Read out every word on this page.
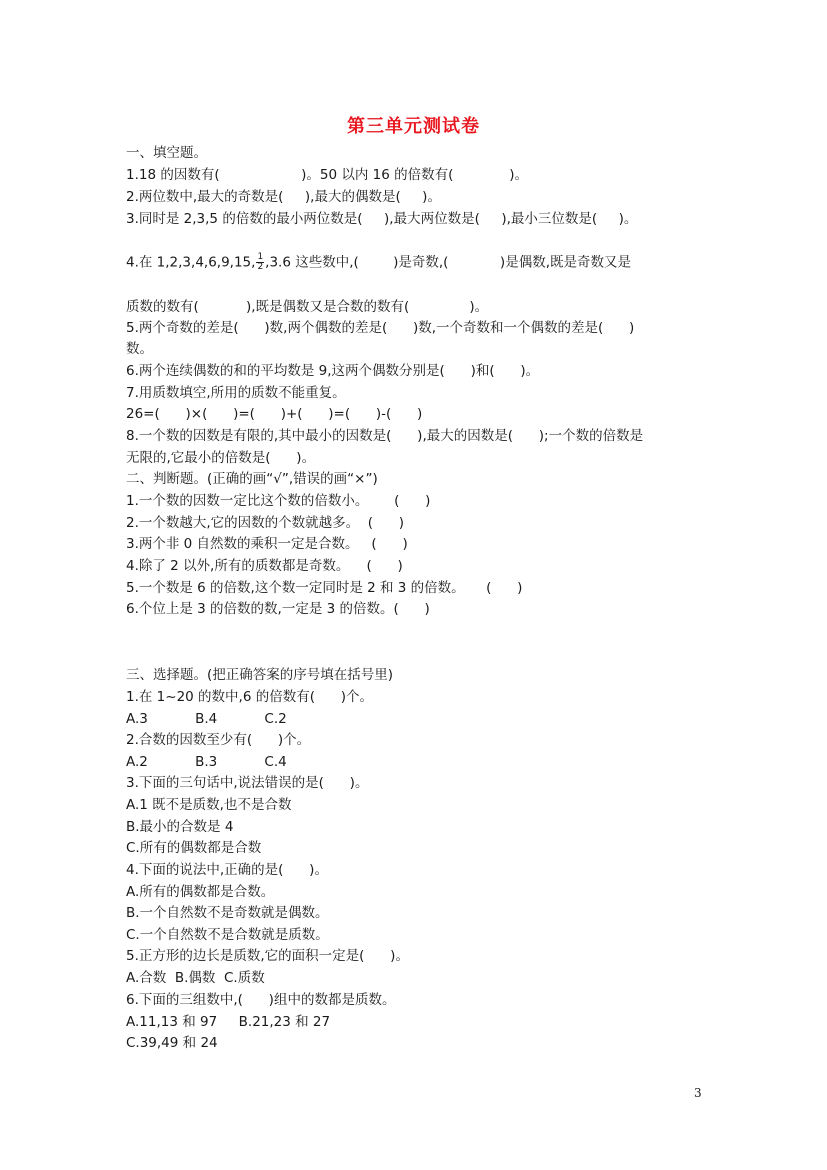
第三单元测试卷

一、填空题。

1.18 的因数有(                   )。50 以内 16 的倍数有(             )。

2.两位数中,最大的奇数是(     ),最大的偶数是(     )。

3.同时是 2,3,5 的倍数的最小两位数是(     ),最大两位数是(     ),最小三位数是(     )。

4.在 1,2,3,4,6,9,15, $\frac{1}{2} ,3.6$ 这些数中,(        )是奇数,(            )是偶数,既是奇数又是

质数的数有(           ),既是偶数又是合数的数有(              )。

5.两个奇数的差是(      )数,两个偶数的差是(      )数,一个奇数和一个偶数的差是(      )

数。

6.两个连续偶数的和的平均数是 9,这两个偶数分别是(      )和(      )。

7.用质数填空,所用的质数不能重复。

26=(      )×(      )=(      )+(      )=(      )-(      )

8.一个数的因数是有限的,其中最小的因数是(      ),最大的因数是(      );一个数的倍数是

无限的,它最小的倍数是(      )。

二、判断题。(正确的画“√”,错误的画“×”)

1.一个数的因数一定比这个数的倍数小。      (      )

2.一个数越大,它的因数的个数就越多。  (      )

3.两个非 0 自然数的乘积一定是合数。   (      )

4.除了 2 以外,所有的质数都是奇数。    (      )

5.一个数是 6 的倍数,这个数一定同时是 2 和 3 的倍数。     (      )

6.个位上是 3 的倍数的数,一定是 3 的倍数。(      )

三、选择题。(把正确答案的序号填在括号里)

1.在 1~20 的数中,6 的倍数有(      )个。

A.3           B.4           C.2

2.合数的因数至少有(      )个。

A.2           B.3           C.4

3.下面的三句话中,说法错误的是(      )。

A.1 既不是质数,也不是合数

B.最小的合数是 4

C.所有的偶数都是合数

4.下面的说法中,正确的是(      )。

A.所有的偶数都是合数。

B.一个自然数不是奇数就是偶数。

C.一个自然数不是合数就是质数。

5.正方形的边长是质数,它的面积一定是(      )。

A.合数  B.偶数  C.质数

6.下面的三组数中,(      )组中的数都是质数。

A.11,13 和 97     B.21,23 和 27

C.39,49 和 24

3
